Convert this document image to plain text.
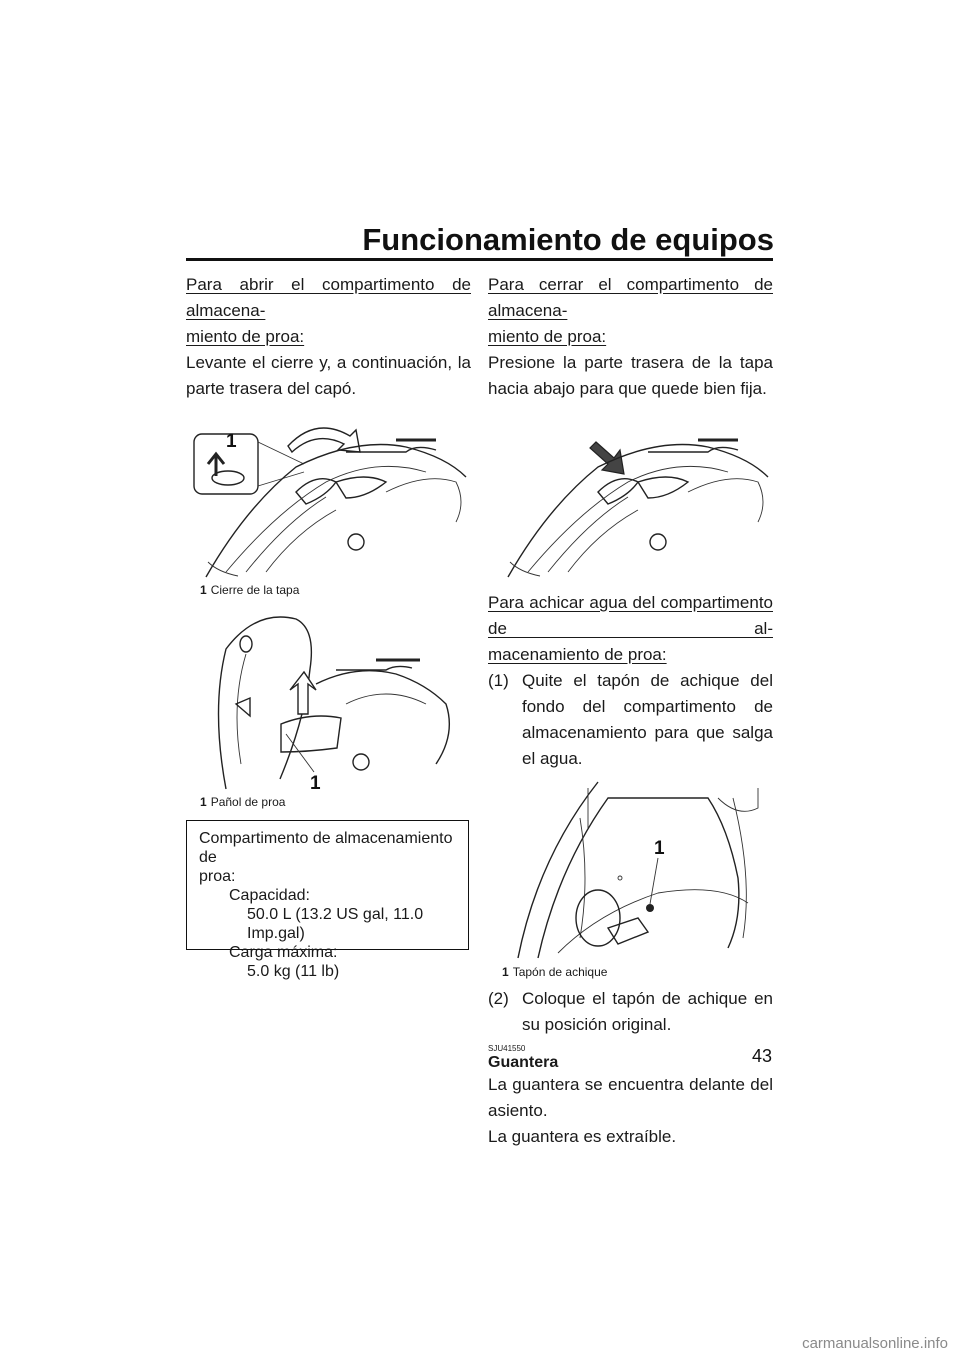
Funcionamiento de equipos
Para abrir el compartimento de almacena-
miento de proa:

Levante el cierre y, a continuación, la parte trasera del capó.

1
1 Cierre de la tapa
1
1 Pañol de proa
Compartimento de almacenamiento de
proa:
Capacidad:
50.0 L (13.2 US gal, 11.0 Imp.gal)
Carga máxima:
5.0 kg (11 lb)
Para cerrar el compartimento de almacena-
miento de proa:

Presione la parte trasera de la tapa hacia abajo para que quede bien fija.

Para achicar agua del compartimento de al-
macenamiento de proa:
(1) Quite el tapón de achique del fondo del compartimento de almacenamiento para que salga el agua.
1
1 Tapón de achique
(2) Coloque el tapón de achique en su posición original.
SJU41550
Guantera

La guantera se encuentra delante del asiento.

La guantera es extraíble.

43
carmanualsonline.info
